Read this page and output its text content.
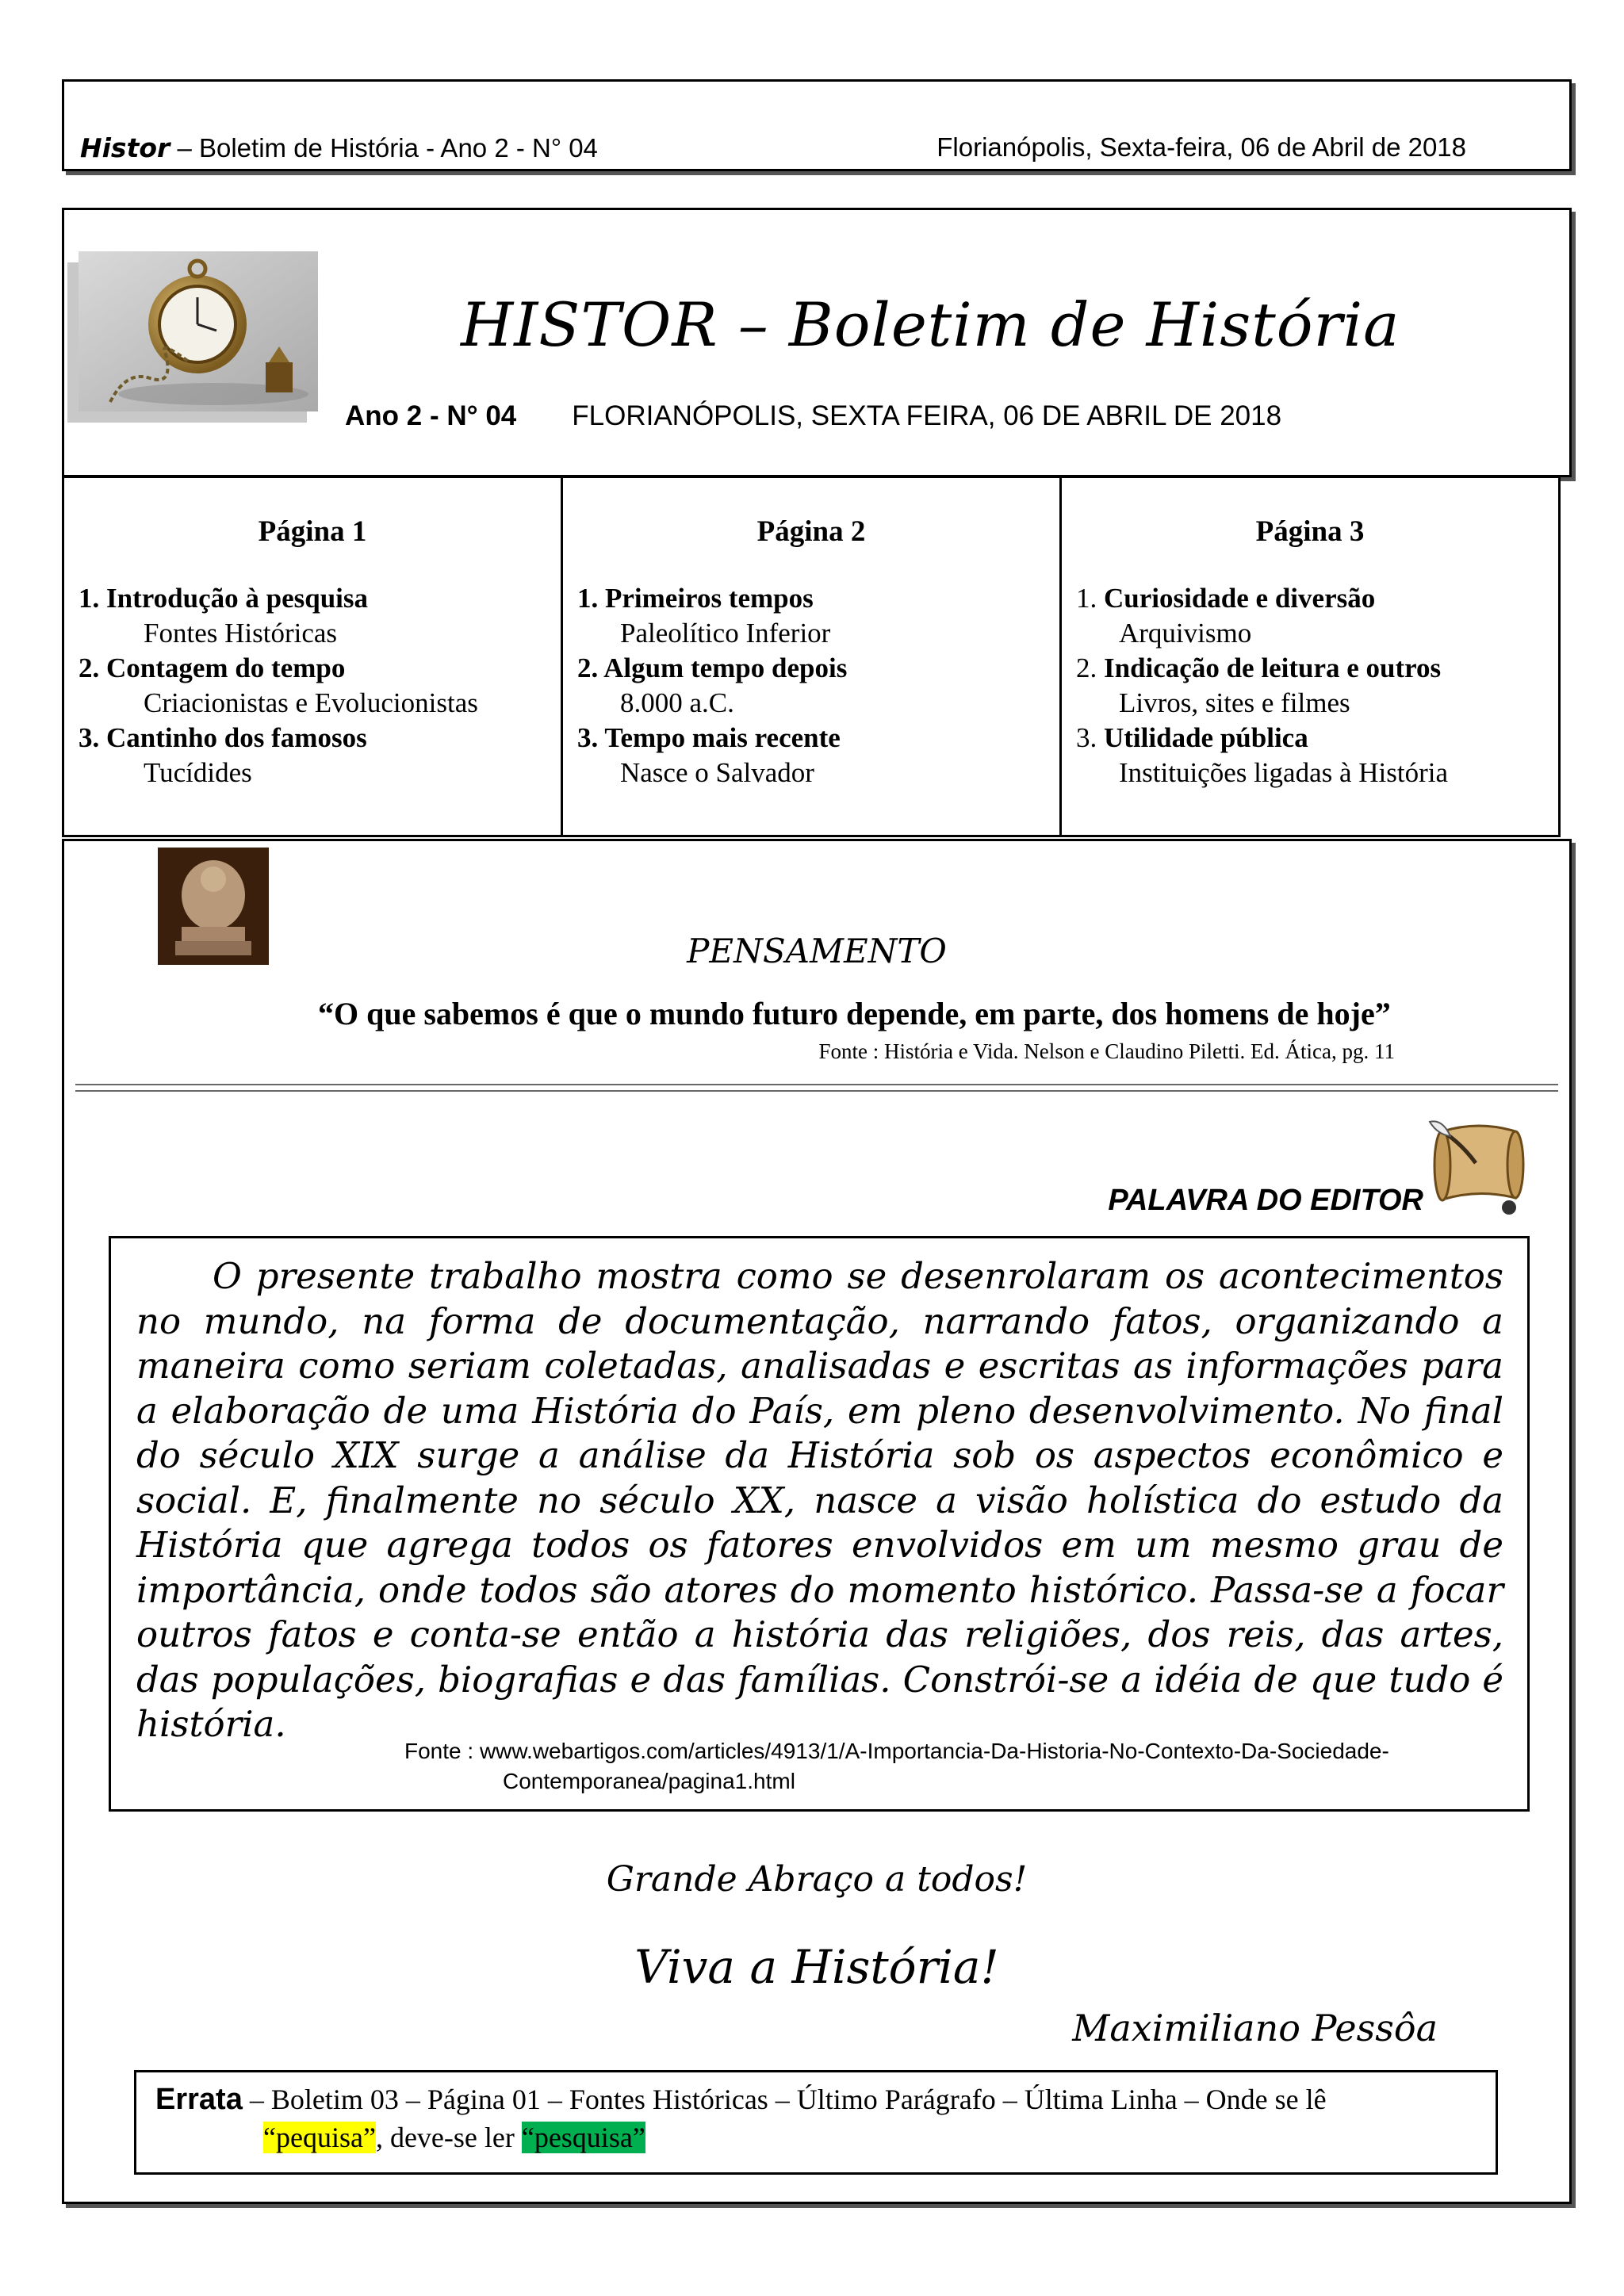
Histor – Boletim de História - Ano 2 - N° 04	Florianópolis, Sexta-feira, 06 de Abril de 2018
HISTOR – Boletim de História
Ano 2 - N° 04 FLORIANÓPOLIS, SEXTA FEIRA, 06 DE ABRIL DE 2018
Página 1
1. Introdução à pesquisa
Fontes Históricas
2. Contagem do tempo
Criacionistas e Evolucionistas
3. Cantinho dos famosos
Tucídides
Página 2
1. Primeiros tempos
Paleolítico Inferior
2. Algum tempo depois
8.000 a.C.
3. Tempo mais recente
Nasce o Salvador
Página 3
1. Curiosidade e diversão
Arquivismo
2. Indicação de leitura e outros
Livros, sites e filmes
3. Utilidade pública
Instituições ligadas à História
PENSAMENTO
“O que sabemos é que o mundo futuro depende, em parte, dos homens de hoje”
Fonte : História e Vida. Nelson e Claudino Piletti. Ed. Ática, pg. 11
PALAVRA DO EDITOR
O presente trabalho mostra como se desenrolaram os acontecimentos no mundo, na forma de documentação, narrando fatos, organizando a maneira como seriam coletadas, analisadas e escritas as informações para a elaboração de uma História do País, em pleno desenvolvimento. No final do século XIX surge a análise da História sob os aspectos econômico e social. E, finalmente no século XX, nasce a visão holística do estudo da História que agrega todos os fatores envolvidos em um mesmo grau de importância, onde todos são atores do momento histórico. Passa-se a focar outros fatos e conta-se então a história das religiões, dos reis, das artes, das populações, biografias e das famílias. Constrói-se a idéia de que tudo é história.
Fonte : www.webartigos.com/articles/4913/1/A-Importancia-Da-Historia-No-Contexto-Da-Sociedade-
Contemporanea/pagina1.html
Grande Abraço a todos!
Viva a História!
Maximiliano Pessôa
Errata – Boletim 03 – Página 01 – Fontes Históricas – Último Parágrafo – Última Linha – Onde se lê
“pequisa”, deve-se ler “pesquisa”
